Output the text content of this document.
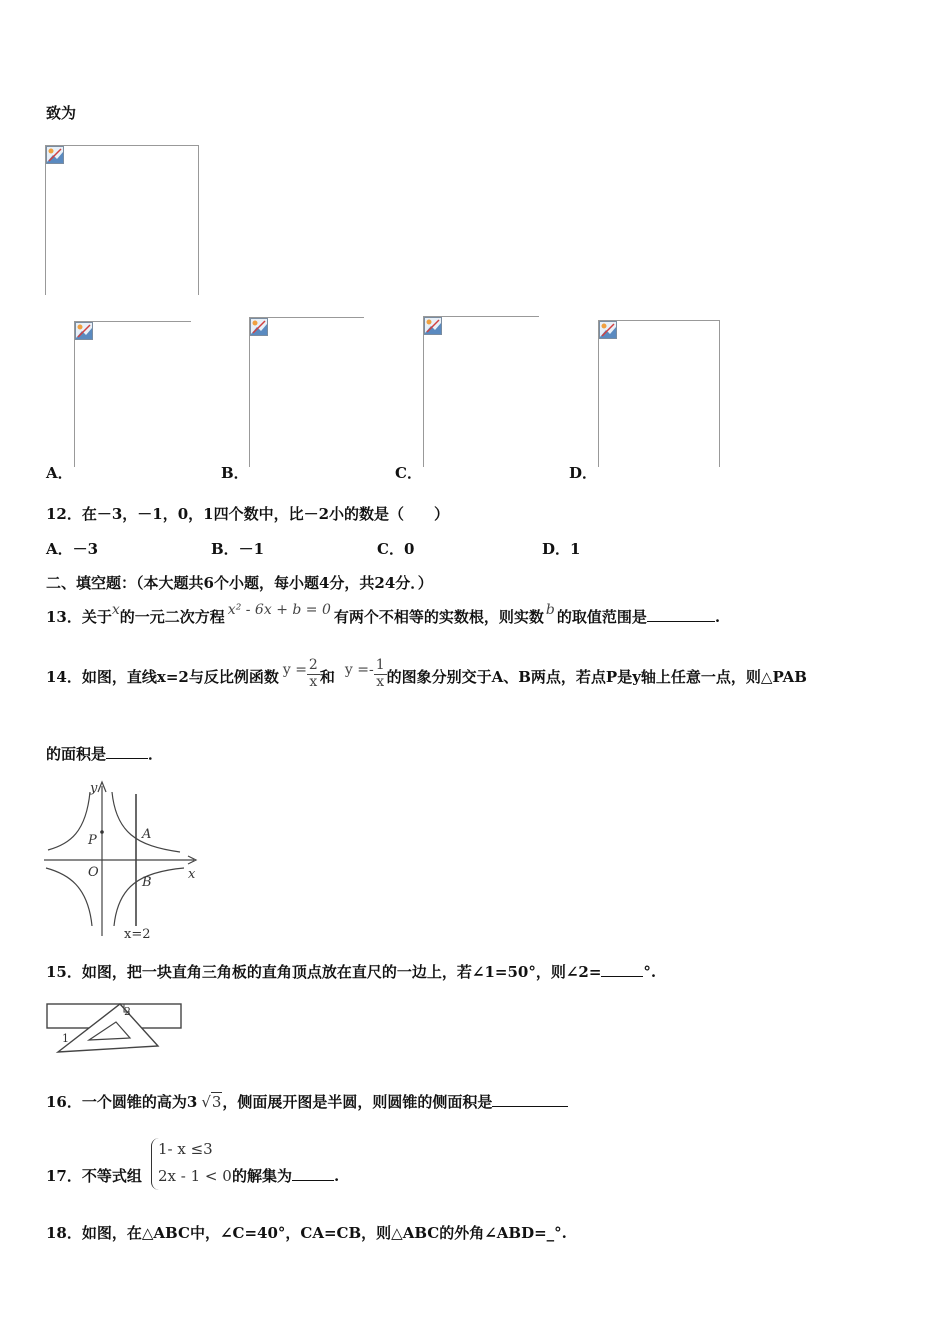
致为
A．	B．	C．	D．
12．在－3，－1，0，1四个数中，比－2小的数是（　　）
A．－3	B．－1	C．0	D．1
二、填空题：（本大题共6个小题，每小题4分，共24分．）
13．关于x的一元二次方程 x² - 6x + b = 0 有两个不相等的实数根，则实数 b 的取值范围是	.
14．如图，直线x=2与反比例函数 $y = \frac{2}{x}$ 和 $y =- \frac{1}{x}$ 的图象分别交于A、B两点，若点P是y轴上任意一点，则△PAB
的面积是	．
y
x
P
O
A
B
x=2
15．如图，把一块直角三角板的直角顶点放在直尺的一边上，若∠1=50°，则∠2=	°.
1
2
16．一个圆锥的高为3 √3，侧面展开图是半圆，则圆锥的侧面积是
17．不等式组
1- x ≤3
2x - 1 < 0 的解集为	.
18．如图，在△ABC中，∠C=40°，CA=CB，则△ABC的外角∠ABD=_°.
